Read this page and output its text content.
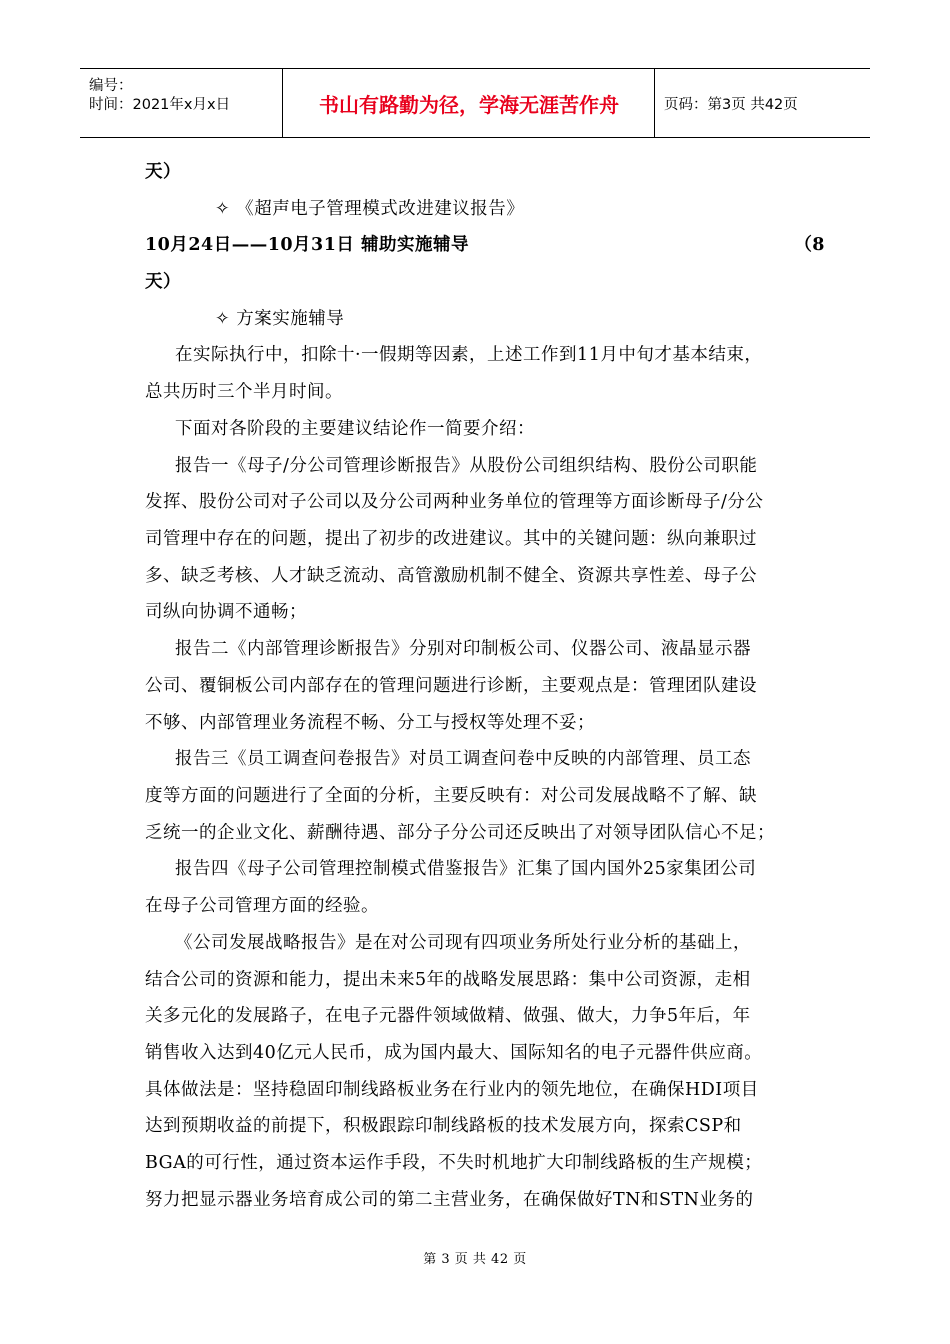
编号：
时间：2021年x月x日	书山有路勤为径，学海无涯苦作舟	页码：第3页 共42页
天）
✧ 《超声电子管理模式改进建议报告》
10月24日——10月31日 辅助实施辅导	（8
天）
✧ 方案实施辅导
在实际执行中，扣除十·一假期等因素，上述工作到11月中旬才基本结束，
总共历时三个半月时间。
下面对各阶段的主要建议结论作一简要介绍：
报告一《母子/分公司管理诊断报告》从股份公司组织结构、股份公司职能
发挥、股份公司对子公司以及分公司两种业务单位的管理等方面诊断母子/分公
司管理中存在的问题，提出了初步的改进建议。其中的关键问题：纵向兼职过
多、缺乏考核、人才缺乏流动、高管激励机制不健全、资源共享性差、母子公
司纵向协调不通畅；
报告二《内部管理诊断报告》分别对印制板公司、仪器公司、液晶显示器
公司、覆铜板公司内部存在的管理问题进行诊断，主要观点是：管理团队建设
不够、内部管理业务流程不畅、分工与授权等处理不妥；
报告三《员工调查问卷报告》对员工调查问卷中反映的内部管理、员工态
度等方面的问题进行了全面的分析，主要反映有：对公司发展战略不了解、缺
乏统一的企业文化、薪酬待遇、部分子分公司还反映出了对领导团队信心不足；
报告四《母子公司管理控制模式借鉴报告》汇集了国内国外25家集团公司
在母子公司管理方面的经验。
《公司发展战略报告》是在对公司现有四项业务所处行业分析的基础上，
结合公司的资源和能力，提出未来5年的战略发展思路：集中公司资源，走相
关多元化的发展路子，在电子元器件领域做精、做强、做大，力争5年后，年
销售收入达到40亿元人民币，成为国内最大、国际知名的电子元器件供应商。
具体做法是：坚持稳固印制线路板业务在行业内的领先地位，在确保HDI项目
达到预期收益的前提下，积极跟踪印制线路板的技术发展方向，探索CSP和
BGA的可行性，通过资本运作手段，不失时机地扩大印制线路板的生产规模；
努力把显示器业务培育成公司的第二主营业务，在确保做好TN和STN业务的
第 3 页 共 42 页
